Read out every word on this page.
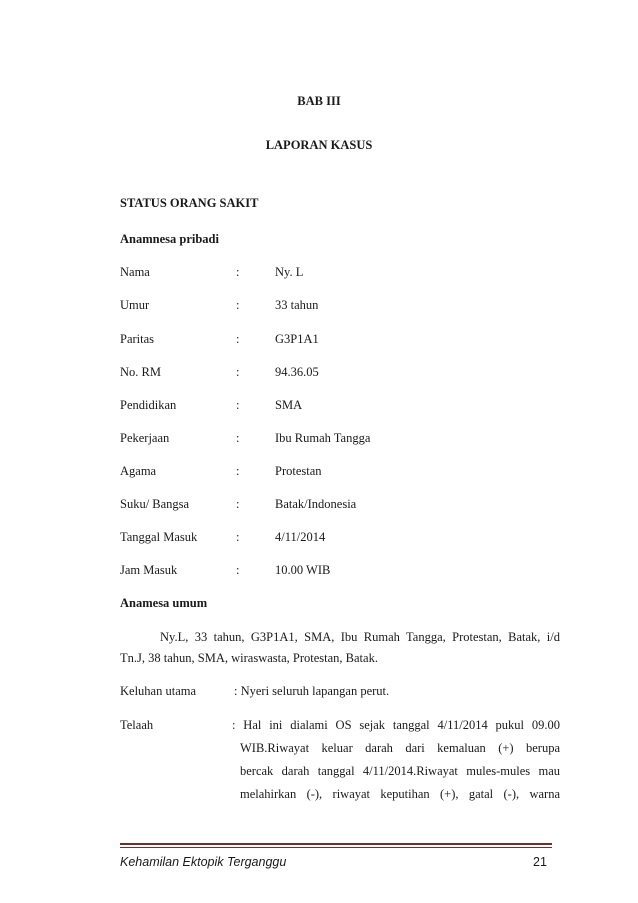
BAB III
LAPORAN KASUS
STATUS ORANG SAKIT
Anamnesa pribadi
Nama	:	Ny. L
Umur	:	33 tahun
Paritas	:	G3P1A1
No. RM	:	94.36.05
Pendidikan	:	SMA
Pekerjaan	:	Ibu Rumah Tangga
Agama	:	Protestan
Suku/ Bangsa	:	Batak/Indonesia
Tanggal Masuk	:	4/11/2014
Jam Masuk	:	10.00 WIB
Anamesa umum
Ny.L, 33 tahun, G3P1A1, SMA, Ibu Rumah Tangga, Protestan, Batak, i/d
Tn.J, 38 tahun, SMA, wiraswasta, Protestan, Batak.
Keluhan utama	: Nyeri seluruh lapangan perut.
Telaah	: Hal ini dialami OS sejak tanggal 4/11/2014 pukul 09.00
WIB.Riwayat keluar darah dari kemaluan (+) berupa
bercak darah tanggal 4/11/2014.Riwayat mules-mules mau
melahirkan (-), riwayat keputihan (+), gatal (-), warna
Kehamilan Ektopik Terganggu	21
